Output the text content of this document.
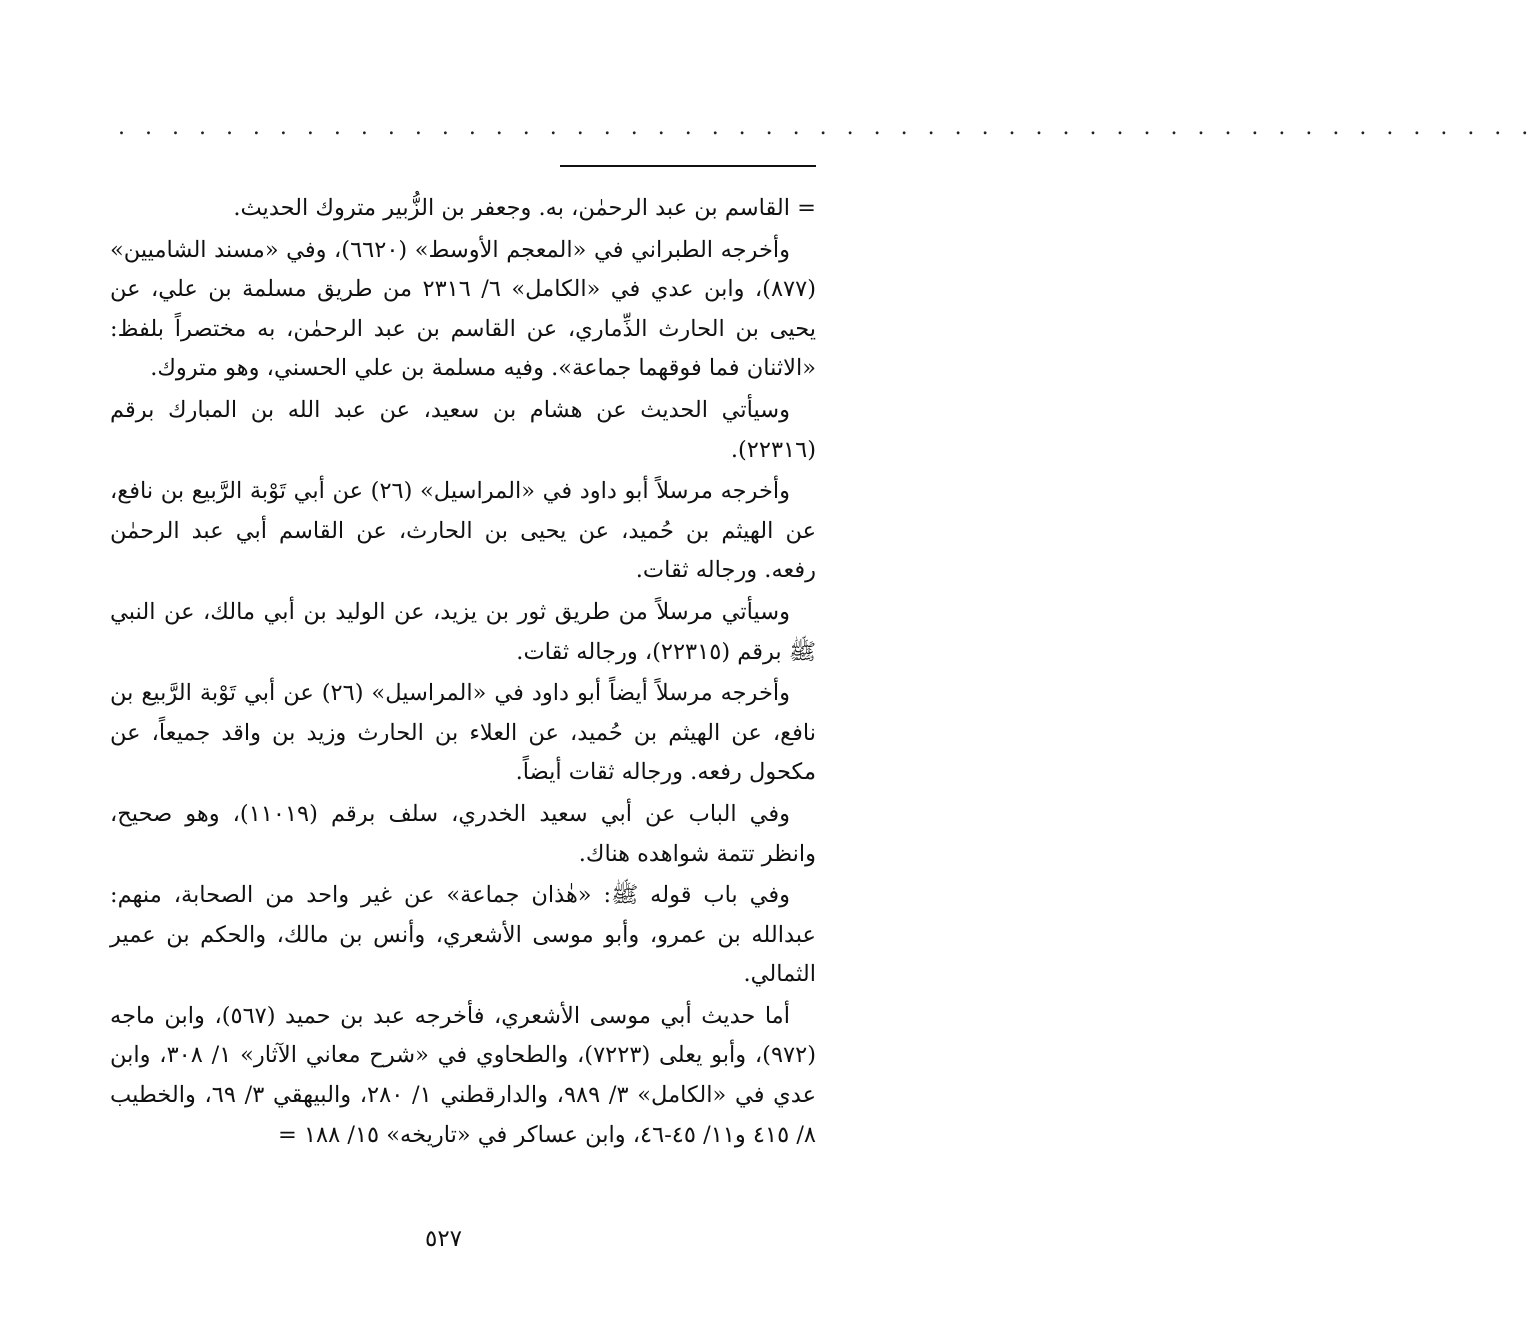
. . . . . . . . . . . . . . . . . . . . . . . . . . . . . . . . . . . . . . . . . . . . . . . . . . . . .

= القاسم بن عبد الرحمٰن، به. وجعفر بن الزُّبير متروك الحديث.

وأخرجه الطبراني في «المعجم الأوسط» (٦٦٢٠)، وفي «مسند الشاميين» (٨٧٧)، وابن عدي في «الكامل» ٦/ ٢٣١٦ من طريق مسلمة بن علي، عن يحيى بن الحارث الذِّماري، عن القاسم بن عبد الرحمٰن، به مختصراً بلفظ: «الاثنان فما فوقهما جماعة». وفيه مسلمة بن علي الحسني، وهو متروك.

وسيأتي الحديث عن هشام بن سعيد، عن عبد الله بن المبارك برقم (٢٢٣١٦).

وأخرجه مرسلاً أبو داود في «المراسيل» (٢٦) عن أبي تَوْبة الرَّبيع بن نافع، عن الهيثم بن حُميد، عن يحيى بن الحارث، عن القاسم أبي عبد الرحمٰن رفعه. ورجاله ثقات.

وسيأتي مرسلاً من طريق ثور بن يزيد، عن الوليد بن أبي مالك، عن النبي ﷺ برقم (٢٢٣١٥)، ورجاله ثقات.

وأخرجه مرسلاً أيضاً أبو داود في «المراسيل» (٢٦) عن أبي تَوْبة الرَّبيع بن نافع، عن الهيثم بن حُميد، عن العلاء بن الحارث وزيد بن واقد جميعاً، عن مكحول رفعه. ورجاله ثقات أيضاً.

وفي الباب عن أبي سعيد الخدري، سلف برقم (١١٠١٩)، وهو صحيح، وانظر تتمة شواهده هناك.

وفي باب قوله ﷺ: «هٰذان جماعة» عن غير واحد من الصحابة، منهم: عبدالله بن عمرو، وأبو موسى الأشعري، وأنس بن مالك، والحكم بن عمير الثمالي.

أما حديث أبي موسى الأشعري، فأخرجه عبد بن حميد (٥٦٧)، وابن ماجه (٩٧٢)، وأبو يعلى (٧٢٢٣)، والطحاوي في «شرح معاني الآثار» ١/ ٣٠٨، وابن عدي في «الكامل» ٣/ ٩٨٩، والدارقطني ١/ ٢٨٠، والبيهقي ٣/ ٦٩، والخطيب ٨/ ٤١٥ و١١/ ٤٥-٤٦، وابن عساكر في «تاريخه» ١٥/ ١٨٨ =

٥٢٧
